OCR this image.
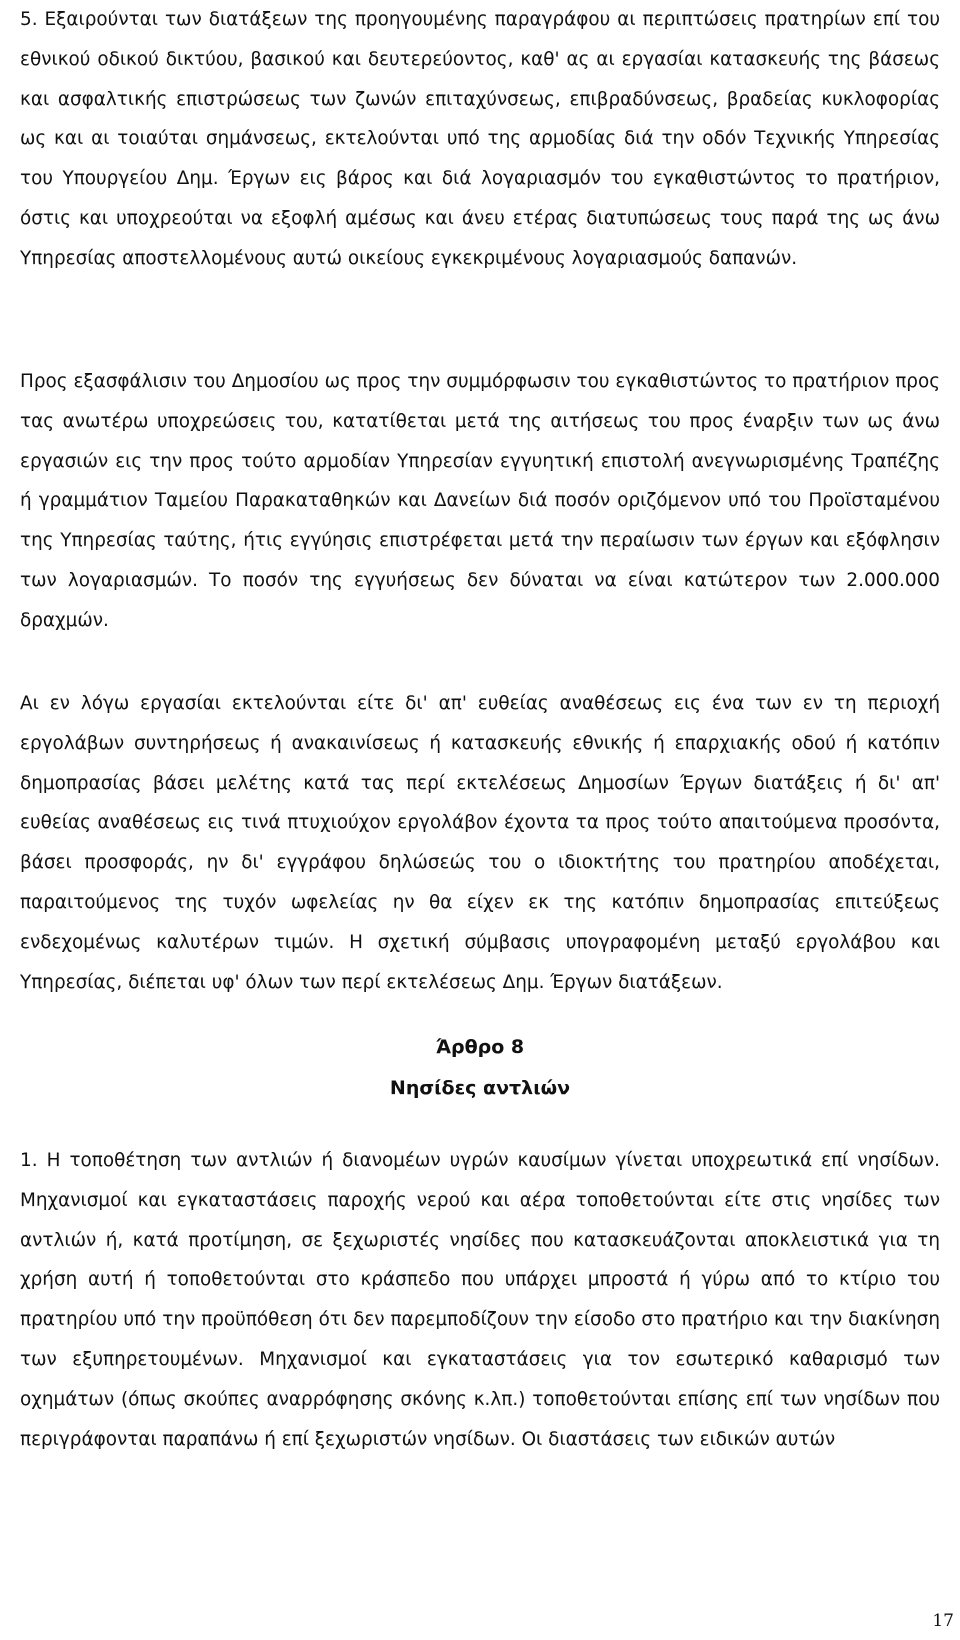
5. Εξαιρούνται των διατάξεων της προηγουμένης παραγράφου αι περιπτώσεις πρατηρίων επί του εθνικού οδικού δικτύου, βασικού και δευτερεύοντος, καθ' ας αι εργασίαι κατασκευής της βάσεως και ασφαλτικής επιστρώσεως των ζωνών επιταχύνσεως, επιβραδύνσεως, βραδείας κυκλοφορίας ως και αι τοιαύται σημάνσεως, εκτελούνται υπό της αρμοδίας διά την οδόν Τεχνικής Υπηρεσίας του Υπουργείου Δημ. Έργων εις βάρος και διά λογαριασμόν του εγκαθιστώντος το πρατήριον, όστις και υποχρεούται να εξοφλή αμέσως και άνευ ετέρας διατυπώσεως τους παρά της ως άνω Υπηρεσίας αποστελλομένους αυτώ οικείους εγκεκριμένους λογαριασμούς δαπανών.

Προς εξασφάλισιν του Δημοσίου ως προς την συμμόρφωσιν του εγκαθιστώντος το πρατήριον προς τας ανωτέρω υποχρεώσεις του, κατατίθεται μετά της αιτήσεως του προς έναρξιν των ως άνω εργασιών εις την προς τούτο αρμοδίαν Υπηρεσίαν εγγυητική επιστολή ανεγνωρισμένης Τραπέζης ή γραμμάτιον Ταμείου Παρακαταθηκών και Δανείων διά ποσόν οριζόμενον υπό του Προϊσταμένου της Υπηρεσίας ταύτης, ήτις εγγύησις επιστρέφεται μετά την περαίωσιν των έργων και εξόφλησιν των λογαριασμών. Το ποσόν της εγγυήσεως δεν δύναται να είναι κατώτερον των 2.000.000 δραχμών.

Αι εν λόγω εργασίαι εκτελούνται είτε δι' απ' ευθείας αναθέσεως εις ένα των εν τη περιοχή εργολάβων συντηρήσεως ή ανακαινίσεως ή κατασκευής εθνικής ή επαρχιακής οδού ή κατόπιν δημοπρασίας βάσει μελέτης κατά τας περί εκτελέσεως Δημοσίων Έργων διατάξεις ή δι' απ' ευθείας αναθέσεως εις τινά πτυχιούχον εργολάβον έχοντα τα προς τούτο απαιτούμενα προσόντα, βάσει προσφοράς, ην δι' εγγράφου δηλώσεώς του ο ιδιοκτήτης του πρατηρίου αποδέχεται, παραιτούμενος της τυχόν ωφελείας ην θα είχεν εκ της κατόπιν δημοπρασίας επιτεύξεως ενδεχομένως καλυτέρων τιμών. Η σχετική σύμβασις υπογραφομένη μεταξύ εργολάβου και Υπηρεσίας, διέπεται υφ' όλων των περί εκτελέσεως Δημ. Έργων διατάξεων.

Άρθρο 8

Νησίδες αντλιών

1. Η τοποθέτηση των αντλιών ή διανομέων υγρών καυσίμων γίνεται υποχρεωτικά επί νησίδων. Μηχανισμοί και εγκαταστάσεις παροχής νερού και αέρα τοποθετούνται είτε στις νησίδες των αντλιών ή, κατά προτίμηση, σε ξεχωριστές νησίδες που κατασκευάζονται αποκλειστικά για τη χρήση αυτή ή τοποθετούνται στο κράσπεδο που υπάρχει μπροστά ή γύρω από το κτίριο του πρατηρίου υπό την προϋπόθεση ότι δεν παρεμποδίζουν την είσοδο στο πρατήριο και την διακίνηση των εξυπηρετουμένων. Μηχανισμοί και εγκαταστάσεις για τον εσωτερικό καθαρισμό των οχημάτων (όπως σκούπες αναρρόφησης σκόνης κ.λπ.) τοποθετούνται επίσης επί των νησίδων που περιγράφονται παραπάνω ή επί ξεχωριστών νησίδων. Οι διαστάσεις των ειδικών αυτών

17
